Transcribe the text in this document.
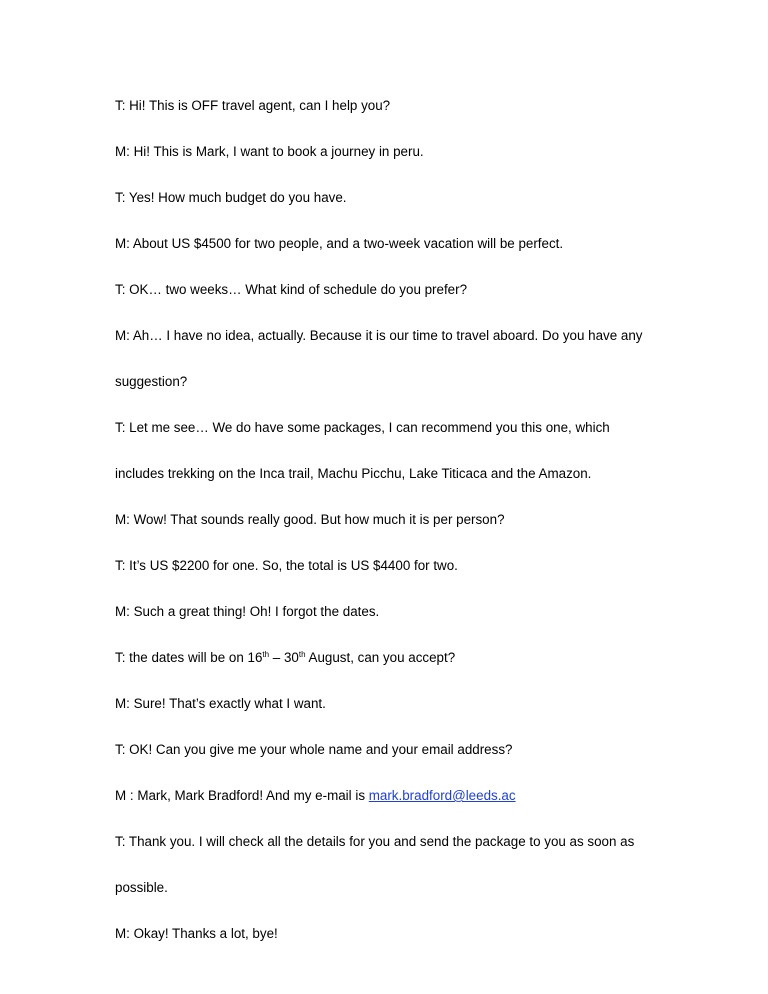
T: Hi! This is OFF travel agent, can I help you?

M: Hi! This is Mark, I want to book a journey in peru.

T: Yes! How much budget do you have.

M: About US $4500 for two people, and a two-week vacation will be perfect.

T: OK… two weeks… What kind of schedule do you prefer?

M: Ah… I have no idea, actually. Because it is our time to travel aboard. Do you have any

suggestion?

T: Let me see… We do have some packages, I can recommend you this one, which

includes trekking on the Inca trail, Machu Picchu, Lake Titicaca and the Amazon.

M: Wow! That sounds really good. But how much it is per person?

T: It’s US $2200 for one. So, the total is US $4400 for two.

M: Such a great thing! Oh! I forgot the dates.

T: the dates will be on 16th – 30th August, can you accept?

M: Sure! That’s exactly what I want.

T: OK! Can you give me your whole name and your email address?

M : Mark, Mark Bradford! And my e-mail is mark.bradford@leeds.ac

T: Thank you. I will check all the details for you and send the package to you as soon as

possible.

M: Okay! Thanks a lot, bye!
